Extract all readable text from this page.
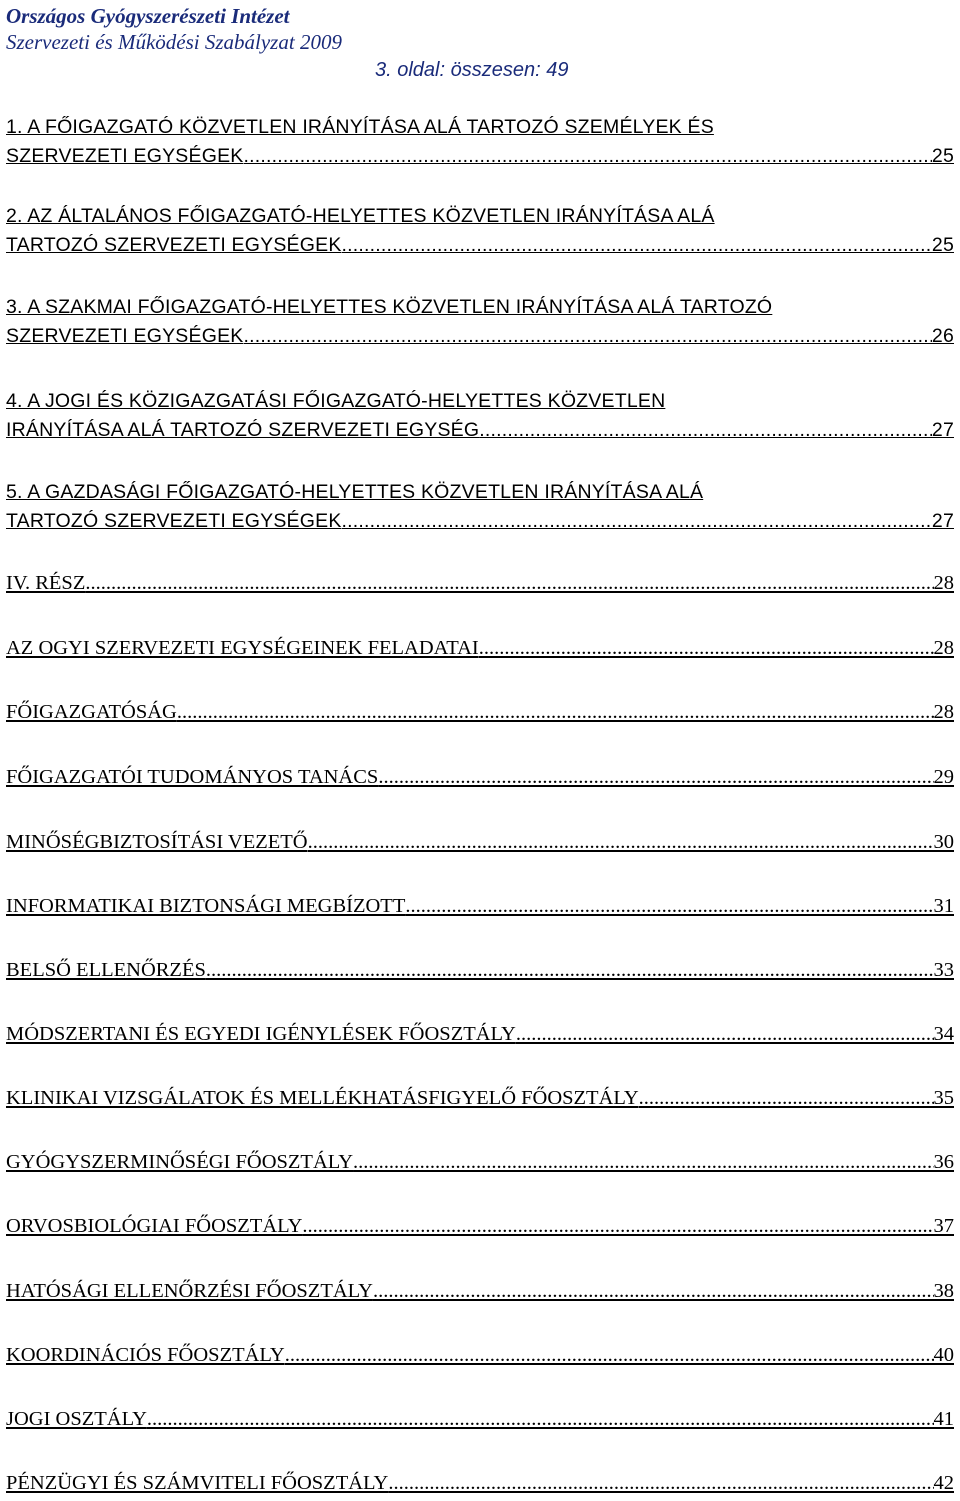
Országos Gyógyszerészeti Intézet
Szervezeti és Működési Szabályzat 2009
3. oldal: összesen: 49
1. A FŐIGAZGATÓ KÖZVETLEN IRÁNYÍTÁSA ALÁ TARTOZÓ SZEMÉLYEK ÉS
SZERVEZETI EGYSÉGEK .....	25
2. AZ ÁLTALÁNOS FŐIGAZGATÓ-HELYETTES KÖZVETLEN IRÁNYÍTÁSA ALÁ
TARTOZÓ SZERVEZETI EGYSÉGEK .....	25
3. A SZAKMAI FŐIGAZGATÓ-HELYETTES KÖZVETLEN IRÁNYÍTÁSA ALÁ TARTOZÓ
SZERVEZETI EGYSÉGEK .....	26
4. A JOGI ÉS KÖZIGAZGATÁSI FŐIGAZGATÓ-HELYETTES KÖZVETLEN
IRÁNYÍTÁSA ALÁ TARTOZÓ SZERVEZETI EGYSÉG .....	27
5. A GAZDASÁGI FŐIGAZGATÓ-HELYETTES KÖZVETLEN IRÁNYÍTÁSA ALÁ
TARTOZÓ SZERVEZETI EGYSÉGEK .....	27
IV. RÉSZ .....	28
AZ OGYI SZERVEZETI EGYSÉGEINEK FELADATAI .....	28
FŐIGAZGATÓSÁG .....	28
FŐIGAZGATÓI TUDOMÁNYOS TANÁCS .....	29
MINŐSÉGBIZTOSÍTÁSI VEZETŐ .....	30
INFORMATIKAI BIZTONSÁGI MEGBÍZOTT .....	31
BELSŐ ELLENŐRZÉS .....	33
MÓDSZERTANI ÉS EGYEDI IGÉNYLÉSEK FŐOSZTÁLY .....	34
KLINIKAI VIZSGÁLATOK ÉS MELLÉKHATÁSFIGYELŐ FŐOSZTÁLY .....	35
GYÓGYSZERMINŐSÉGI FŐOSZTÁLY .....	36
ORVOSBIOLÓGIAI FŐOSZTÁLY .....	37
HATÓSÁGI ELLENŐRZÉSI FŐOSZTÁLY .....	38
KOORDINÁCIÓS FŐOSZTÁLY .....	40
JOGI OSZTÁLY .....	41
PÉNZÜGYI ÉS SZÁMVITELI FŐOSZTÁLY .....	42
